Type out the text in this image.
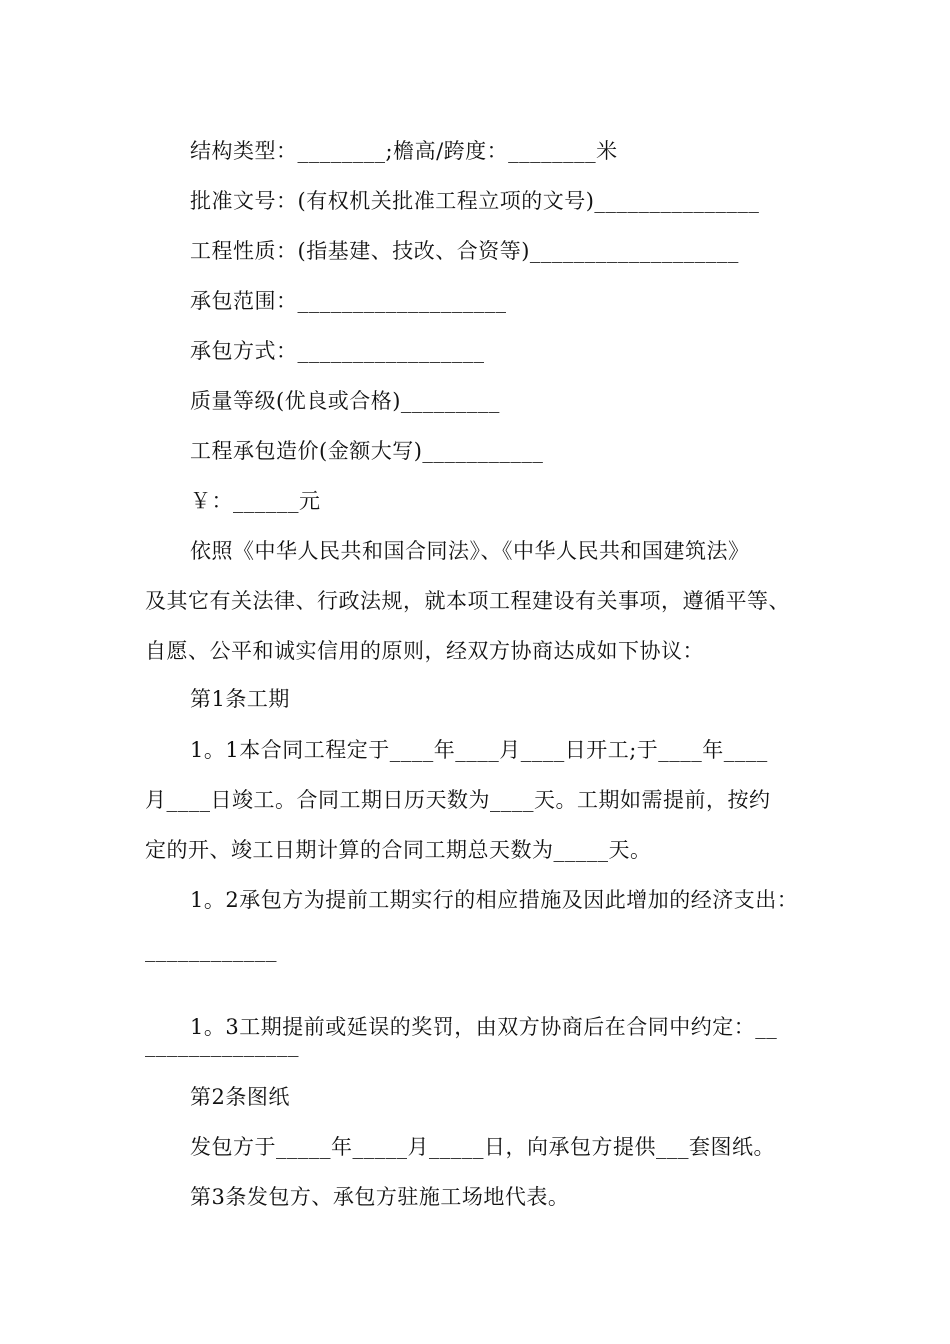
结构类型：________;檐高/跨度：________米
批准文号：(有权机关批准工程立项的文号)_______________
工程性质：(指基建、技改、合资等)___________________
承包范围：___________________
承包方式：_________________
质量等级(优良或合格)_________
工程承包造价(金额大写)___________
￥：______元
依照《中华人民共和国合同法》、《中华人民共和国建筑法》
及其它有关法律、行政法规，就本项工程建设有关事项，遵循平等、
自愿、公平和诚实信用的原则，经双方协商达成如下协议：
第1条工期
1。1本合同工程定于____年____月____日开工;于____年____
月____日竣工。合同工期日历天数为____天。工期如需提前，按约
定的开、竣工日期计算的合同工期总天数为_____天。
1。2承包方为提前工期实行的相应措施及因此增加的经济支出：
____________
1。3工期提前或延误的奖罚，由双方协商后在合同中约定：__
______________
第2条图纸
发包方于_____年_____月_____日，向承包方提供___套图纸。
第3条发包方、承包方驻施工场地代表。
